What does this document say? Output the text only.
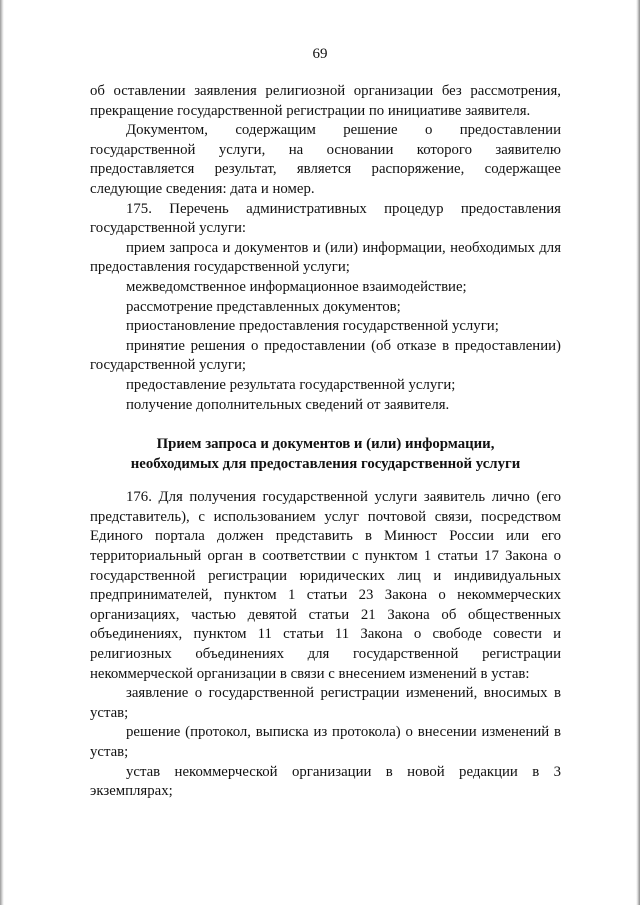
69

об оставлении заявления религиозной организации без рассмотрения, прекращение государственной регистрации по инициативе заявителя.

Документом, содержащим решение о предоставлении государственной услуги, на основании которого заявителю предоставляется результат, является распоряжение, содержащее следующие сведения: дата и номер.

175. Перечень административных процедур предоставления государственной услуги:

прием запроса и документов и (или) информации, необходимых для предоставления государственной услуги;

межведомственное информационное взаимодействие;

рассмотрение представленных документов;

приостановление предоставления государственной услуги;

принятие решения о предоставлении (об отказе в предоставлении) государственной услуги;

предоставление результата государственной услуги;

получение дополнительных сведений от заявителя.

Прием запроса и документов и (или) информации,
необходимых для предоставления государственной услуги

176. Для получения государственной услуги заявитель лично (его представитель), с использованием услуг почтовой связи, посредством Единого портала должен представить в Минюст России или его территориальный орган в соответствии с пунктом 1 статьи 17 Закона о государственной регистрации юридических лиц и индивидуальных предпринимателей, пунктом 1 статьи 23 Закона о некоммерческих организациях, частью девятой статьи 21 Закона об общественных объединениях, пунктом 11 статьи 11 Закона о свободе совести и религиозных объединениях для государственной регистрации некоммерческой организации в связи с внесением изменений в устав:

заявление о государственной регистрации изменений, вносимых в устав;

решение (протокол, выписка из протокола) о внесении изменений в устав;

устав некоммерческой организации в новой редакции в 3 экземплярах;
